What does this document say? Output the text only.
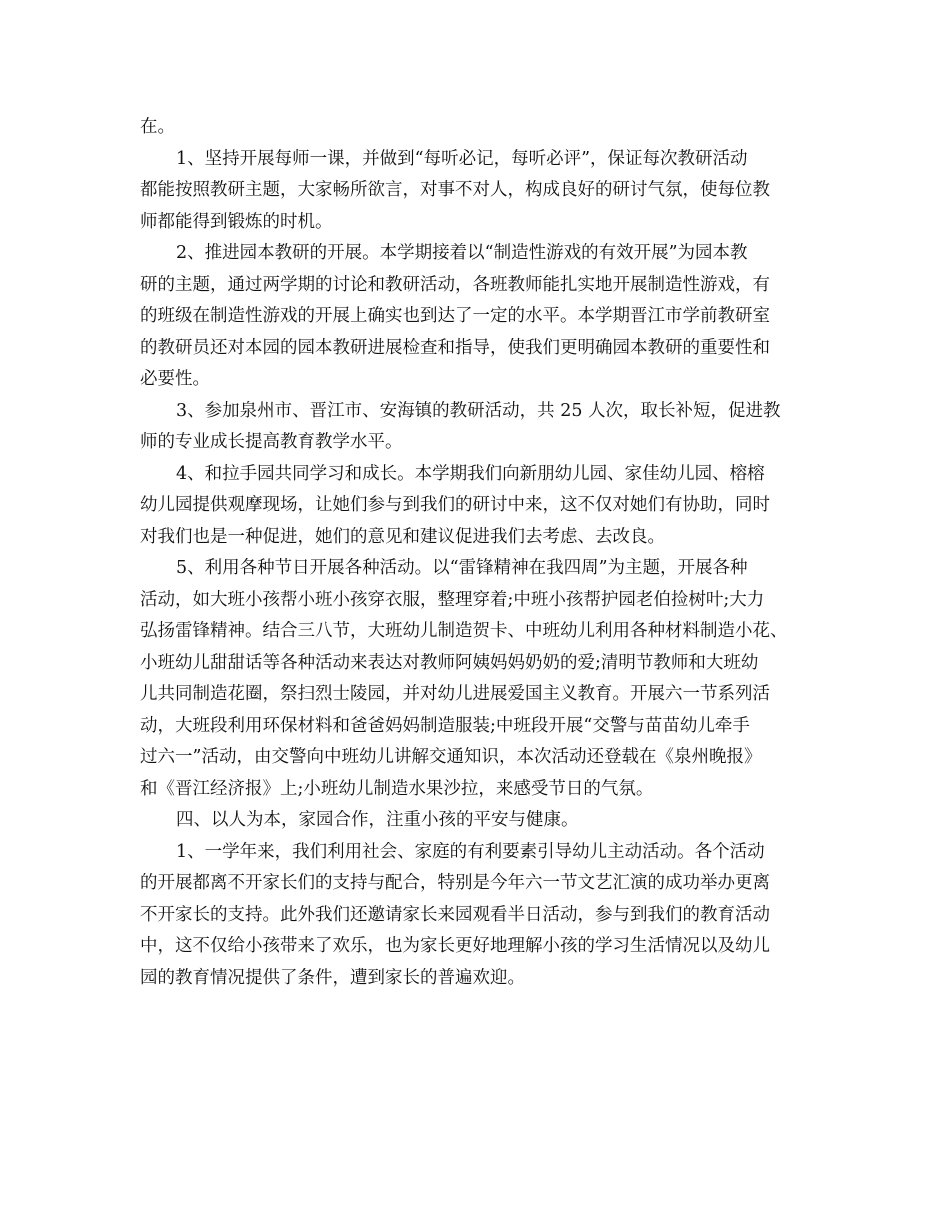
在。
1、坚持开展每师一课，并做到“每听必记，每听必评”，保证每次教研活动
都能按照教研主题，大家畅所欲言，对事不对人，构成良好的研讨气氛，使每位教
师都能得到锻炼的时机。
2、推进园本教研的开展。本学期接着以“制造性游戏的有效开展”为园本教
研的主题，通过两学期的讨论和教研活动，各班教师能扎实地开展制造性游戏，有
的班级在制造性游戏的开展上确实也到达了一定的水平。本学期晋江市学前教研室
的教研员还对本园的园本教研进展检查和指导，使我们更明确园本教研的重要性和
必要性。
3、参加泉州市、晋江市、安海镇的教研活动，共 25 人次，取长补短，促进教
师的专业成长提高教育教学水平。
4、和拉手园共同学习和成长。本学期我们向新朋幼儿园、家佳幼儿园、榕榕
幼儿园提供观摩现场，让她们参与到我们的研讨中来，这不仅对她们有协助，同时
对我们也是一种促进，她们的意见和建议促进我们去考虑、去改良。
5、利用各种节日开展各种活动。以“雷锋精神在我四周”为主题，开展各种
活动，如大班小孩帮小班小孩穿衣服，整理穿着;中班小孩帮护园老伯捡树叶;大力
弘扬雷锋精神。结合三八节，大班幼儿制造贺卡、中班幼儿利用各种材料制造小花、
小班幼儿甜甜话等各种活动来表达对教师阿姨妈妈奶奶的爱;清明节教师和大班幼
儿共同制造花圈，祭扫烈士陵园，并对幼儿进展爱国主义教育。开展六一节系列活
动，大班段利用环保材料和爸爸妈妈制造服装;中班段开展“交警与苗苗幼儿牵手
过六一”活动，由交警向中班幼儿讲解交通知识，本次活动还登载在《泉州晚报》
和《晋江经济报》上;小班幼儿制造水果沙拉，来感受节日的气氛。
四、以人为本，家园合作，注重小孩的平安与健康。
1、一学年来，我们利用社会、家庭的有利要素引导幼儿主动活动。各个活动
的开展都离不开家长们的支持与配合，特别是今年六一节文艺汇演的成功举办更离
不开家长的支持。此外我们还邀请家长来园观看半日活动，参与到我们的教育活动
中，这不仅给小孩带来了欢乐，也为家长更好地理解小孩的学习生活情况以及幼儿
园的教育情况提供了条件，遭到家长的普遍欢迎。
